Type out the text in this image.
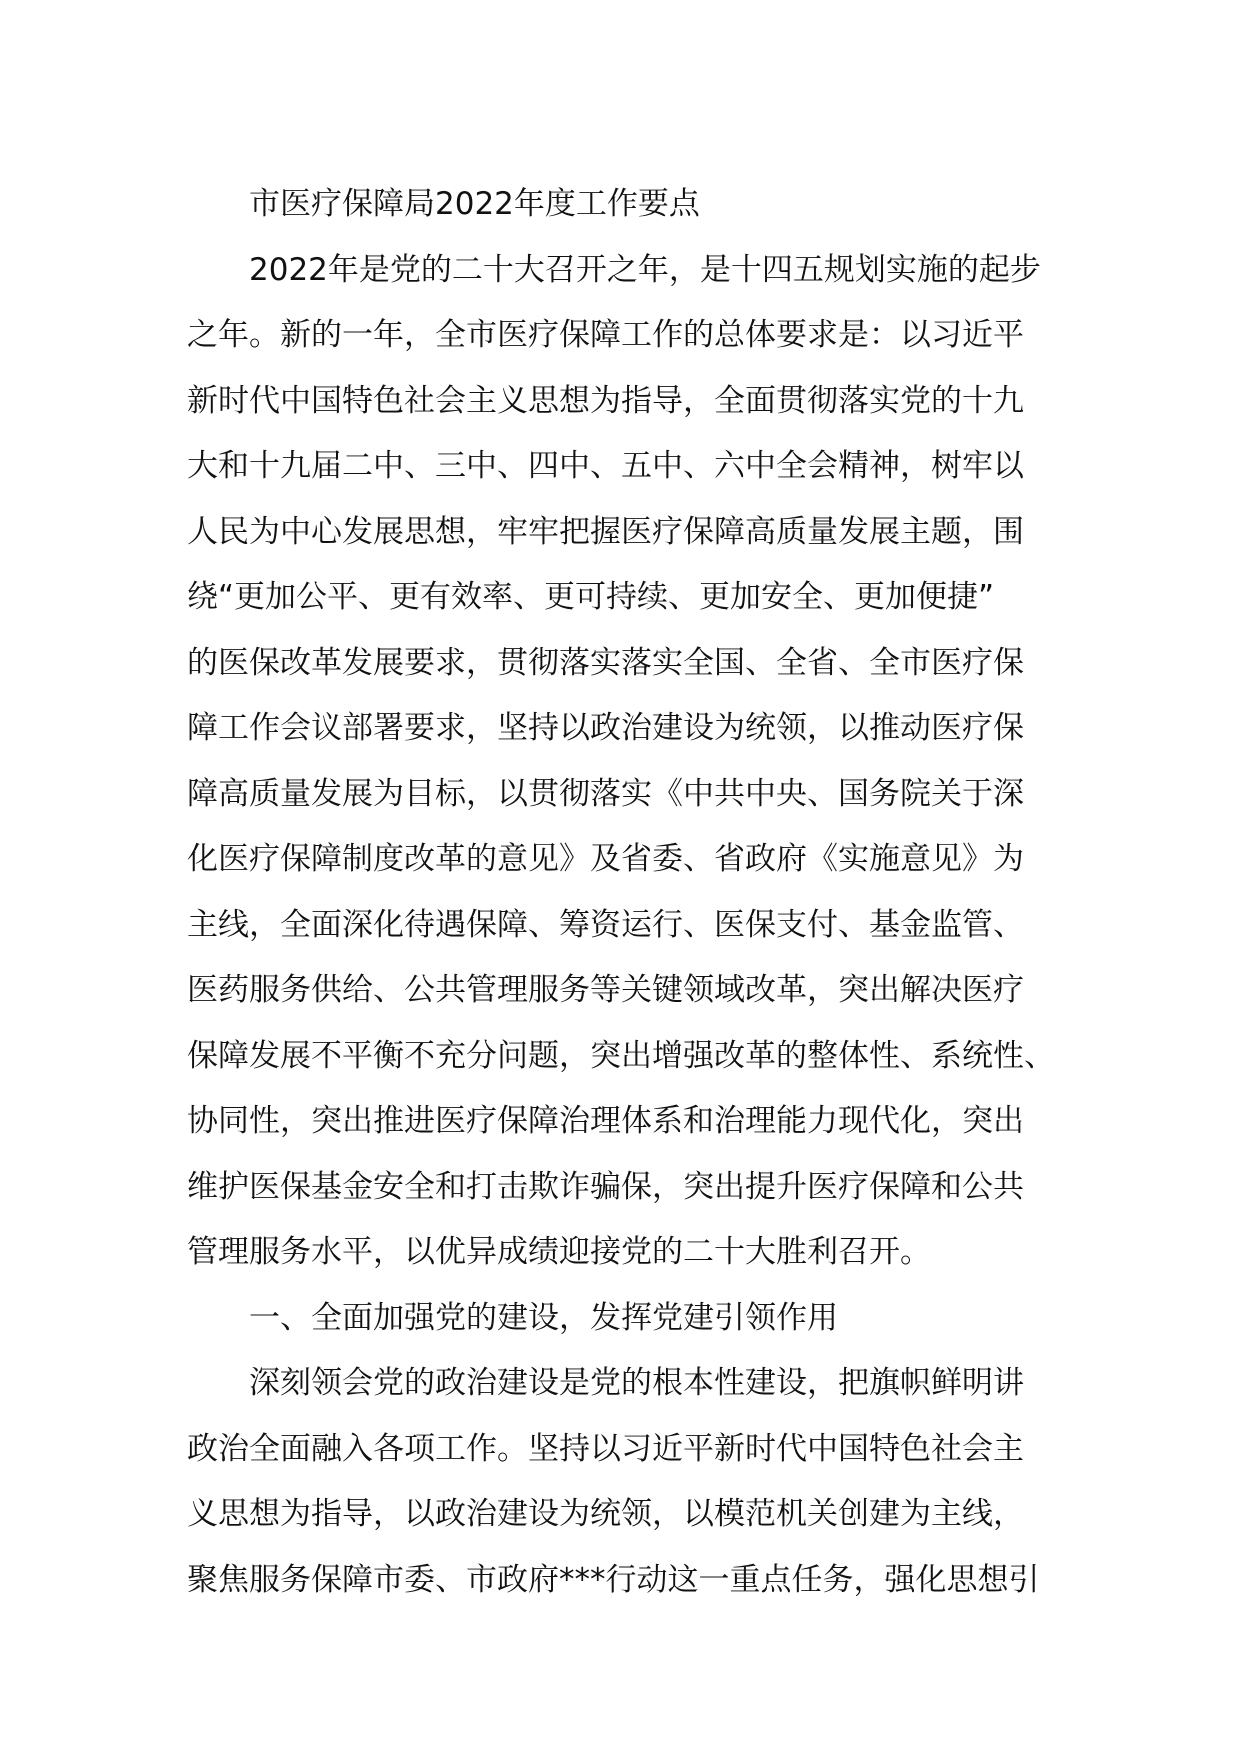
市医疗保障局2022年度工作要点
2022年是党的二十大召开之年，是十四五规划实施的起步
之年。新的一年，全市医疗保障工作的总体要求是：以习近平
新时代中国特色社会主义思想为指导，全面贯彻落实党的十九
大和十九届二中、三中、四中、五中、六中全会精神，树牢以
人民为中心发展思想，牢牢把握医疗保障高质量发展主题，围
绕“更加公平、更有效率、更可持续、更加安全、更加便捷”
的医保改革发展要求，贯彻落实落实全国、全省、全市医疗保
障工作会议部署要求，坚持以政治建设为统领，以推动医疗保
障高质量发展为目标，以贯彻落实《中共中央、国务院关于深
化医疗保障制度改革的意见》及省委、省政府《实施意见》为
主线，全面深化待遇保障、筹资运行、医保支付、基金监管、
医药服务供给、公共管理服务等关键领域改革，突出解决医疗
保障发展不平衡不充分问题，突出增强改革的整体性、系统性、
协同性，突出推进医疗保障治理体系和治理能力现代化，突出
维护医保基金安全和打击欺诈骗保，突出提升医疗保障和公共
管理服务水平，以优异成绩迎接党的二十大胜利召开。
一、全面加强党的建设，发挥党建引领作用
深刻领会党的政治建设是党的根本性建设，把旗帜鲜明讲
政治全面融入各项工作。坚持以习近平新时代中国特色社会主
义思想为指导，以政治建设为统领，以模范机关创建为主线，
聚焦服务保障市委、市政府***行动这一重点任务，强化思想引
